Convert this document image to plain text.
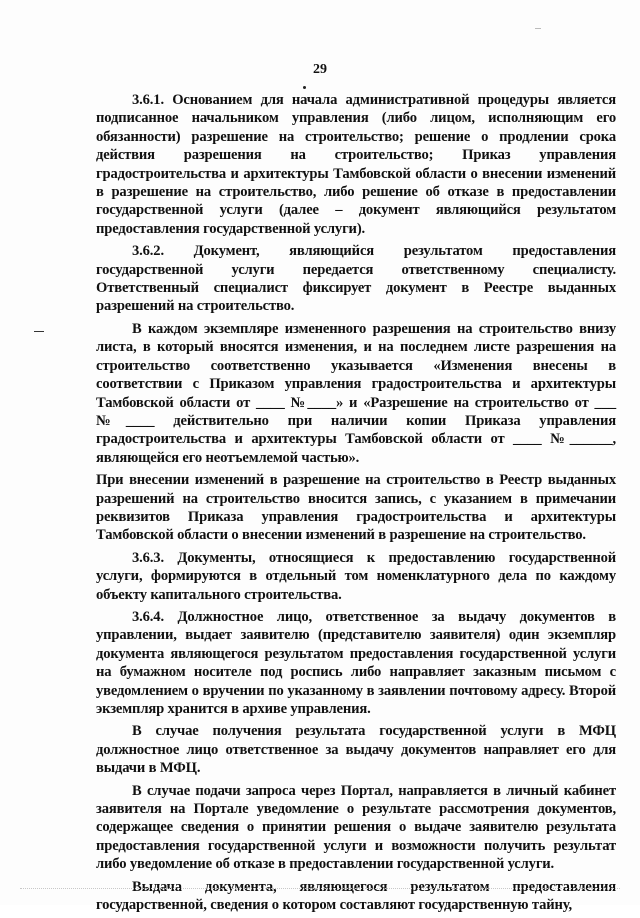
29

3.6.1. Основанием для начала административной процедуры является подписанное начальником управления (либо лицом, исполняющим его обязанности) разрешение на строительство; решение о продлении срока действия разрешения на строительство; Приказ управления градостроительства и архитектуры Тамбовской области о внесении изменений в разрешение на строительство, либо решение об отказе в предоставлении государственной услуги (далее – документ являющийся результатом предоставления государственной услуги).

3.6.2. Документ, являющийся результатом предоставления государственной услуги передается ответственному специалисту. Ответственный специалист фиксирует документ в Реестре выданных разрешений на строительство.

В каждом экземпляре измененного разрешения на строительство внизу листа, в который вносятся изменения, и на последнем листе разрешения на строительство соответственно указывается «Изменения внесены в соответствии с Приказом управления градостроительства и архитектуры Тамбовской области от ____ №____» и «Разрешение на строительство от ___ №____ действительно при наличии копии Приказа управления градостроительства и архитектуры Тамбовской области от ____ №______, являющейся его неотъемлемой частью».

При внесении изменений в разрешение на строительство в Реестр выданных разрешений на строительство вносится запись, с указанием в примечании реквизитов Приказа управления градостроительства и архитектуры Тамбовской области о внесении изменений в разрешение на строительство.

3.6.3. Документы, относящиеся к предоставлению государственной услуги, формируются в отдельный том номенклатурного дела по каждому объекту капитального строительства.

3.6.4. Должностное лицо, ответственное за выдачу документов в управлении, выдает заявителю (представителю заявителя) один экземпляр документа являющегося результатом предоставления государственной услуги на бумажном носителе под роспись либо направляет заказным письмом с уведомлением о вручении по указанному в заявлении почтовому адресу. Второй экземпляр хранится в архиве управления.

В случае получения результата государственной услуги в МФЦ должностное лицо ответственное за выдачу документов направляет его для выдачи в МФЦ.

В случае подачи запроса через Портал, направляется в личный кабинет заявителя на Портале уведомление о результате рассмотрения документов, содержащее сведения о принятии решения о выдаче заявителю результата предоставления государственной услуги и возможности получить результат либо уведомление об отказе в предоставлении государственной услуги.

Выдача документа, являющегося результатом предоставления государственной, сведения о котором составляют государственную тайну,
